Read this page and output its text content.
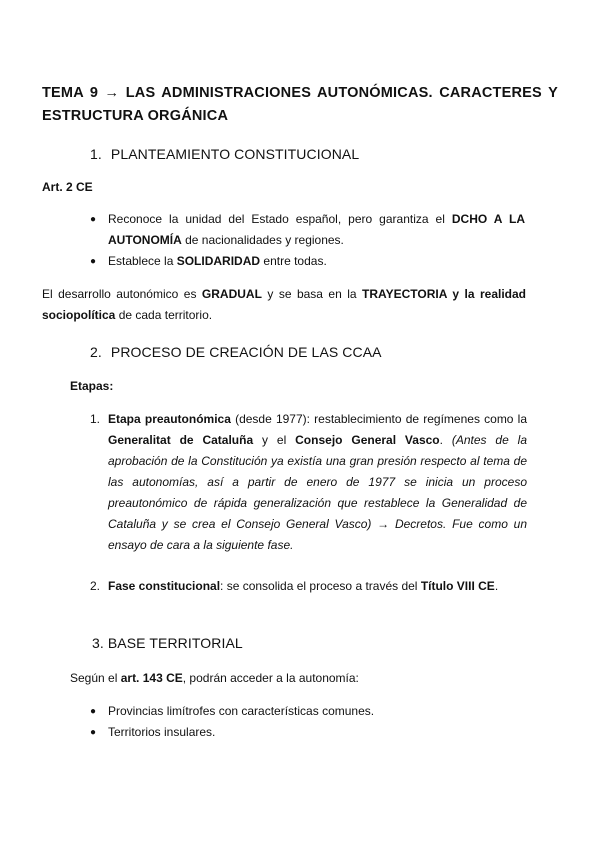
TEMA 9 → LAS ADMINISTRACIONES AUTONÓMICAS. CARACTERES Y ESTRUCTURA ORGÁNICA
1. PLANTEAMIENTO CONSTITUCIONAL
Art. 2 CE
● Reconoce la unidad del Estado español, pero garantiza el DCHO A LA AUTONOMÍA de nacionalidades y regiones.
● Establece la SOLIDARIDAD entre todas.
El desarrollo autonómico es GRADUAL y se basa en la TRAYECTORIA y la realidad sociopolítica de cada territorio.
2. PROCESO DE CREACIÓN DE LAS CCAA
Etapas:
1. Etapa preautonómica (desde 1977): restablecimiento de regímenes como la Generalitat de Cataluña y el Consejo General Vasco. (Antes de la aprobación de la Constitución ya existía una gran presión respecto al tema de las autonomías, así a partir de enero de 1977 se inicia un proceso preautonómico de rápida generalización que restablece la Generalidad de Cataluña y se crea el Consejo General Vasco) → Decretos. Fue como un ensayo de cara a la siguiente fase.
2. Fase constitucional: se consolida el proceso a través del Título VIII CE.
3. BASE TERRITORIAL
Según el art. 143 CE, podrán acceder a la autonomía:
● Provincias limítrofes con características comunes.
● Territorios insulares.
